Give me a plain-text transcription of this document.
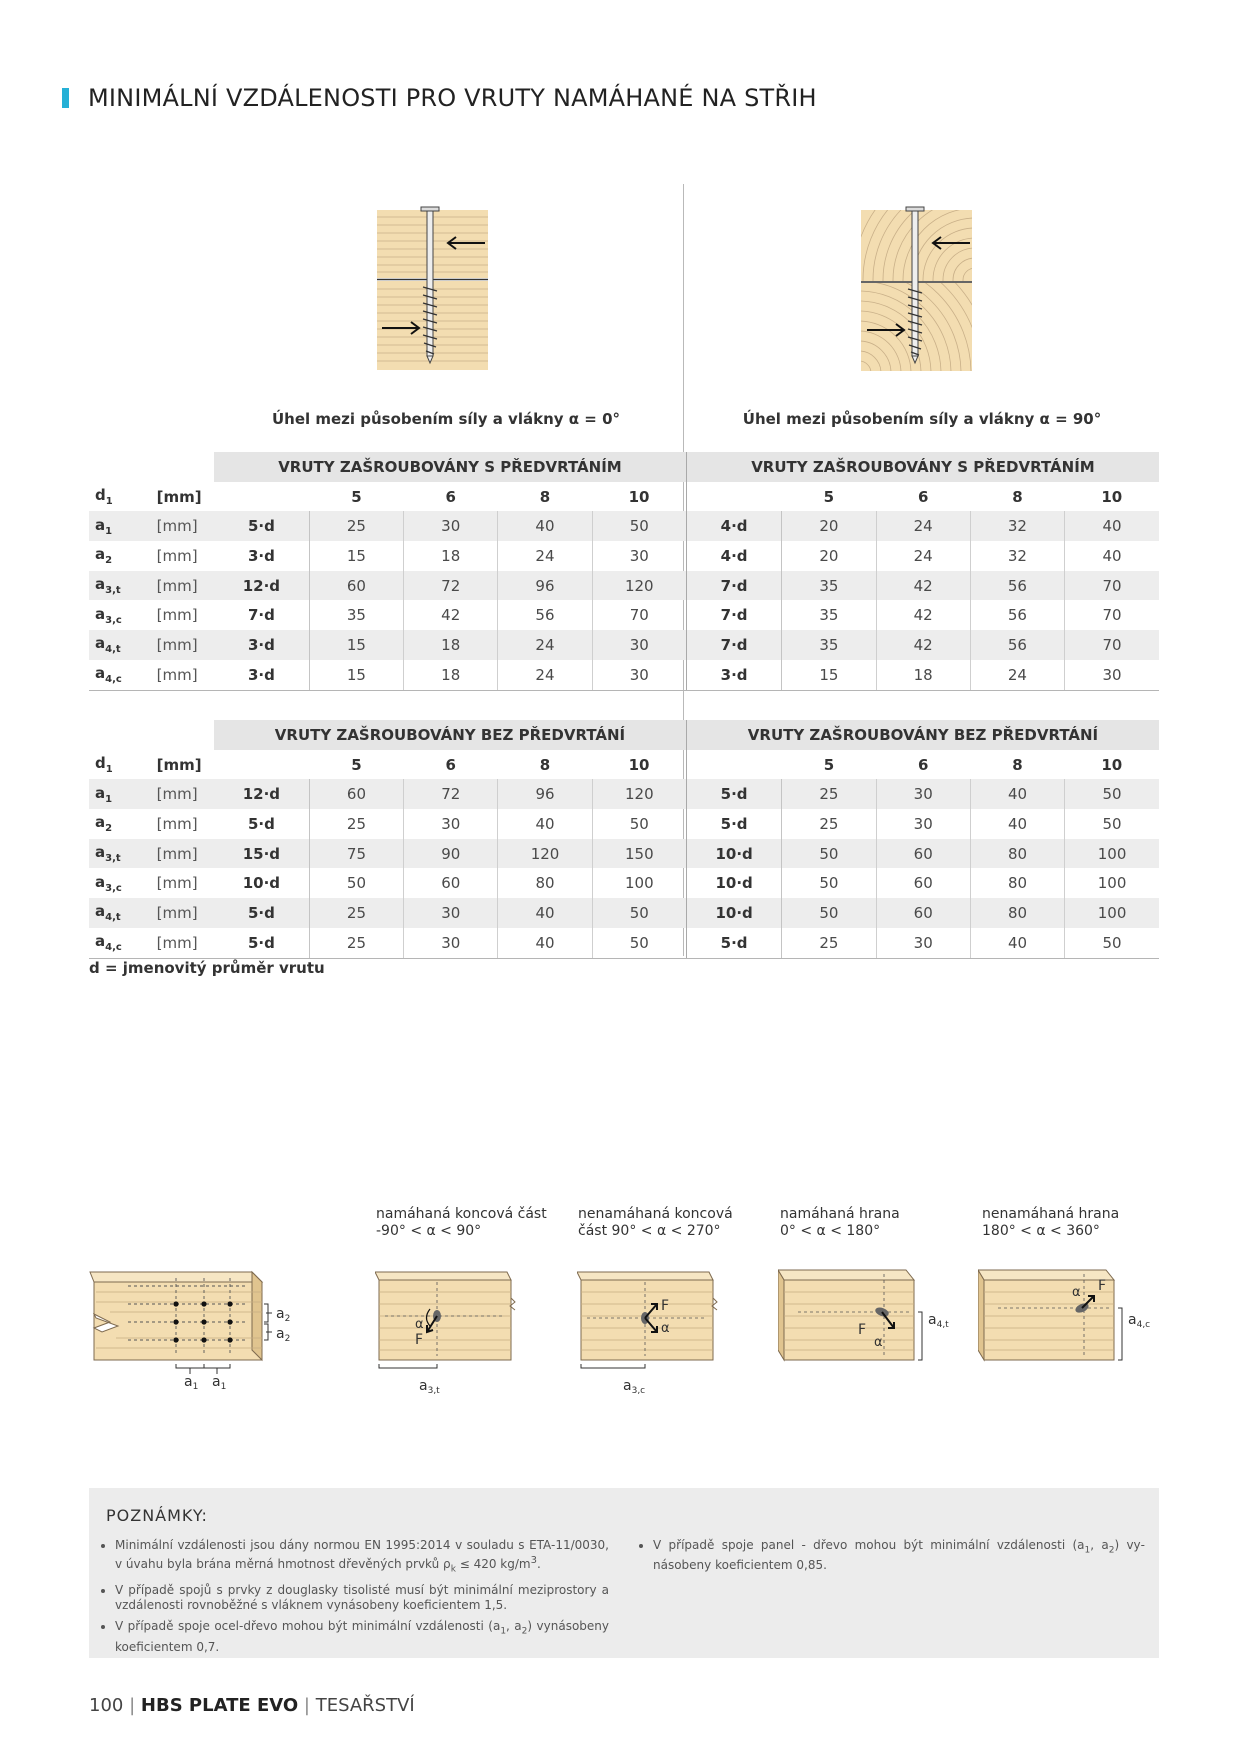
MINIMÁLNÍ VZDÁLENOSTI PRO VRUTY NAMÁHANÉ NA STŘIH
Úhel mezi působením síly a vlákny α = 0°	Úhel mezi působením síly a vlákny α = 90°
		VRUTY ZAŠROUBOVÁNY S PŘEDVRTÁNÍM					VRUTY ZAŠROUBOVÁNY S PŘEDVRTÁNÍM				
$d_1$	[mm]		5	6	8	10		5	6	8	10
$a_1$	[mm]	5·d	25	30	40	50	4·d	20	24	32	40
$a_2$	[mm]	3·d	15	18	24	30	4·d	20	24	32	40
$a_{3,t}$	[mm]	12·d	60	72	96	120	7·d	35	42	56	70
$a_{3,c}$	[mm]	7·d	35	42	56	70	7·d	35	42	56	70
$a_{4,t}$	[mm]	3·d	15	18	24	30	7·d	35	42	56	70
$a_{4,c}$	[mm]	3·d	15	18	24	30	3·d	15	18	24	30
		VRUTY ZAŠROUBOVÁNY BEZ PŘEDVRTÁNÍ					VRUTY ZAŠROUBOVÁNY BEZ PŘEDVRTÁNÍ				
$d_1$	[mm]		5	6	8	10		5	6	8	10
$a_1$	[mm]	12·d	60	72	96	120	5·d	25	30	40	50
$a_2$	[mm]	5·d	25	30	40	50	5·d	25	30	40	50
$a_{3,t}$	[mm]	15·d	75	90	120	150	10·d	50	60	80	100
$a_{3,c}$	[mm]	10·d	50	60	80	100	10·d	50	60	80	100
$a_{4,t}$	[mm]	5·d	25	30	40	50	10·d	50	60	80	100
$a_{4,c}$	[mm]	5·d	25	30	40	50	5·d	25	30	40	50
d = jmenovitý průměr vrutu
namáhaná koncová část
-90° < α < 90°
nenamáhaná koncová
část 90° < α < 270°
namáhaná hrana
0° < α < 180°
nenamáhaná hrana
180° < α < 360°
$a_2$
$a_2$
$a_1$ $a_1$
α
F
$a_{3,t}$
F
α
$a_{3,c}$
F
α
$a_{4,t}$
F
α
$a_{4,c}$
POZNÁMKY:
• Minimální vzdálenosti jsou dány normou EN 1995:2014 v souladu s ETA-11/0030, v úvahu byla brána měrná hmotnost dřevěných prvků $\rho_k \le 420$ $kg/m^3$.
• V případě spojů s prvky z douglasky tisolisté musí být minimální meziprostory a vzdálenosti rovnoběžné s vláknem vynásobeny koeficientem 1,5.
• V případě spoje ocel-dřevo mohou být minimální vzdálenosti ($a_1$, $a_2$) vynásobeny koeficientem 0,7.
• V případě spoje panel - dřevo mohou být minimální vzdálenosti ($a_1$, $a_2$) vynásobeny koeficientem 0,85.
100 | HBS PLATE EVO | TESAŘSTVÍ
